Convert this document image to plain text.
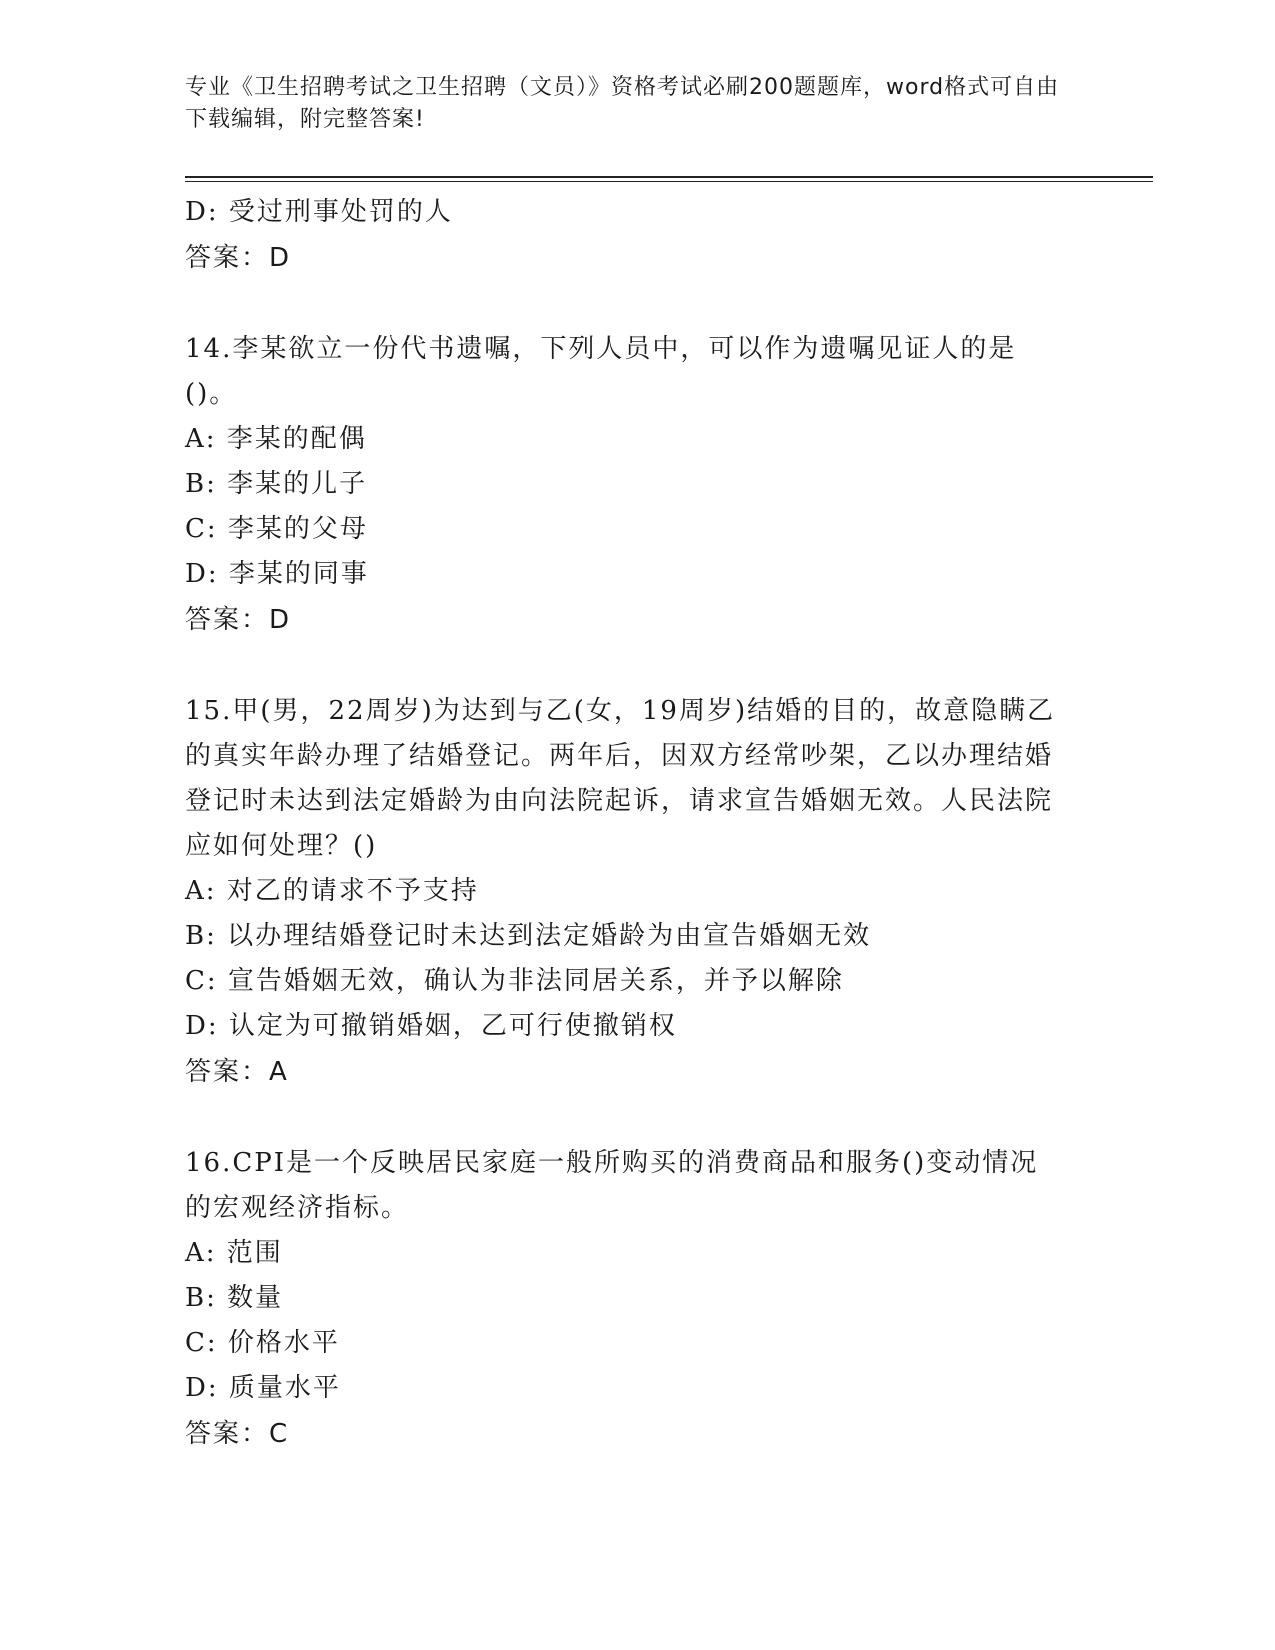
专业《卫生招聘考试之卫生招聘（文员）》资格考试必刷200题题库，word格式可自由下载编辑，附完整答案!
D: 受过刑事处罚的人
答案：D
14.李某欲立一份代书遗嘱，下列人员中，可以作为遗嘱见证人的是()。
A: 李某的配偶
B: 李某的儿子
C: 李某的父母
D: 李某的同事
答案：D
15.甲(男，22周岁)为达到与乙(女，19周岁)结婚的目的，故意隐瞒乙的真实年龄办理了结婚登记。两年后，因双方经常吵架，乙以办理结婚登记时未达到法定婚龄为由向法院起诉，请求宣告婚姻无效。人民法院应如何处理？()
A: 对乙的请求不予支持
B: 以办理结婚登记时未达到法定婚龄为由宣告婚姻无效
C: 宣告婚姻无效，确认为非法同居关系，并予以解除
D: 认定为可撤销婚姻，乙可行使撤销权
答案：A
16.CPI是一个反映居民家庭一般所购买的消费商品和服务()变动情况的宏观经济指标。
A: 范围
B: 数量
C: 价格水平
D: 质量水平
答案：C
